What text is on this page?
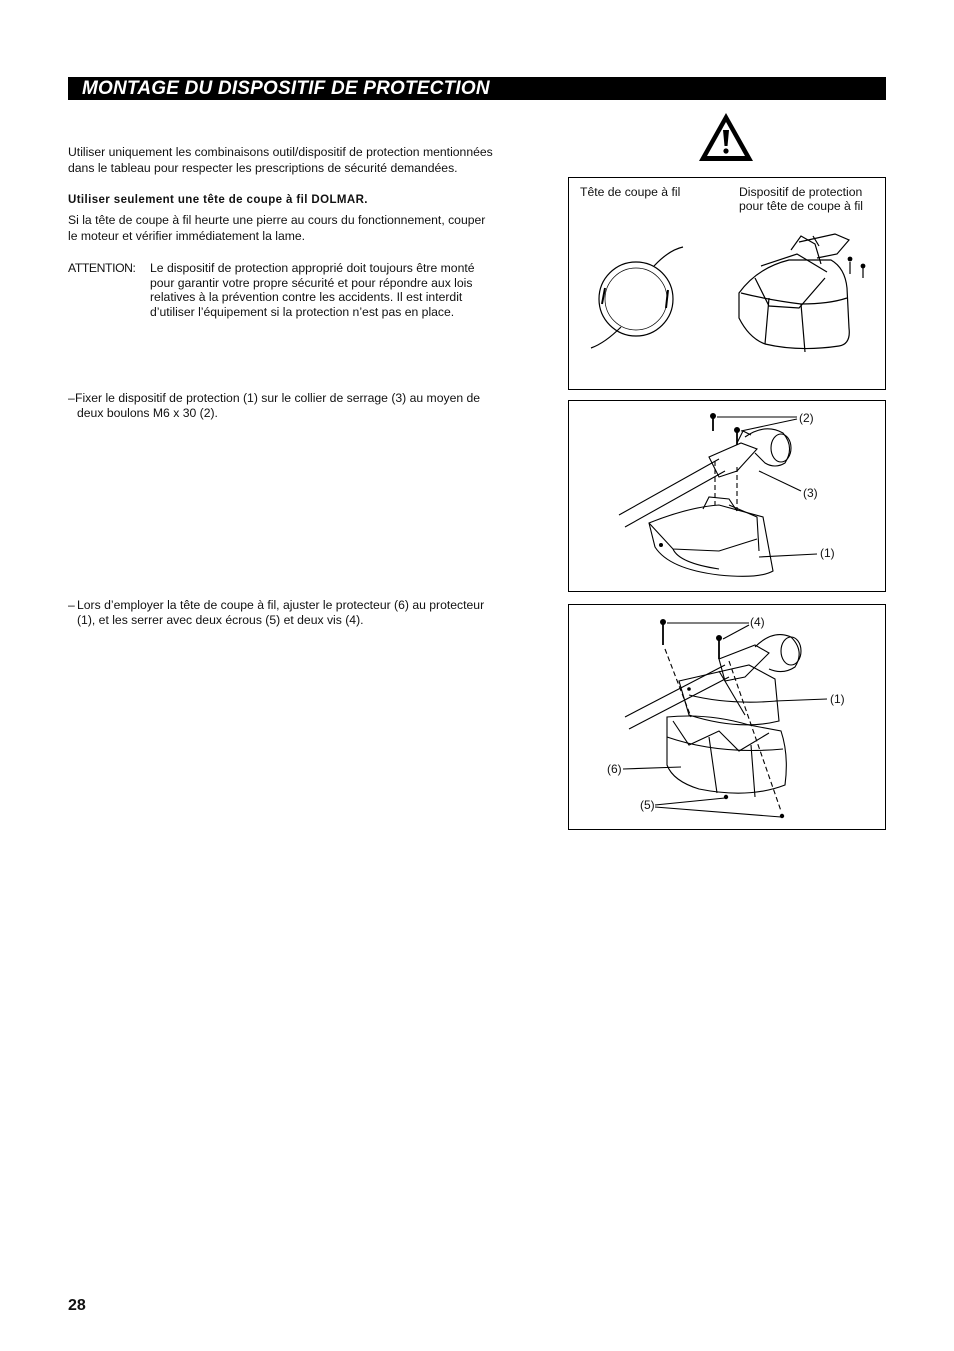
MONTAGE DU DISPOSITIF DE PROTECTION

Utiliser uniquement les combinaisons outil/dispositif de protection mentionnées

dans le tableau pour respecter les prescriptions de sécurité demandées.

Utiliser seulement une tête de coupe à fil DOLMAR.

Si la tête de coupe à fil heurte une pierre au cours du fonctionnement, couper

le moteur et vérifier immédiatement la lame.

ATTENTION:	Le dispositif de protection approprié doit toujours être monté
pour garantir votre propre sécurité et pour répondre aux lois
relatives à la prévention contre les accidents. Il est interdit
d’utiliser l’équipement si la protection n’est pas en place.
– Fixer le dispositif de protection (1) sur le collier de serrage (3) au moyen de
deux boulons M6 x 30 (2).
– Lors d’employer la tête de coupe à fil, ajuster le protecteur (6) au protecteur
(1), et les serrer avec deux écrous (5) et deux vis (4).
Tête de coupe à fil	Dispositif de protection
pour tête de coupe à fil
(2)
(3)
(1)
(4)
(1)
(6)
(5)
28
